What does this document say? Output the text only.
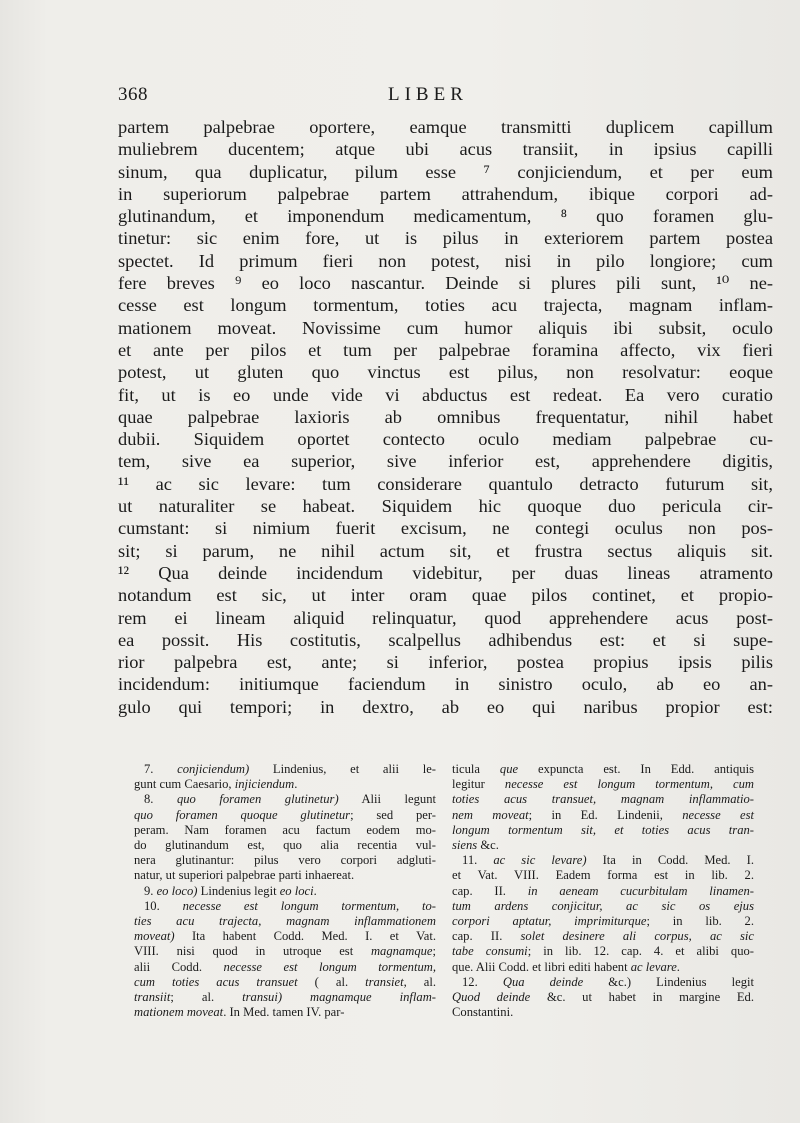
368	LIBER
partem palpebrae oportere, eamque transmitti duplicem capillum
muliebrem ducentem; atque ubi acus transiit, in ipsius capilli
sinum, qua duplicatur, pilum esse ⁷ conjiciendum, et per eum
in superiorum palpebrae partem attrahendum, ibique corpori ad-
glutinandum, et imponendum medicamentum, ⁸ quo foramen glu-
tinetur: sic enim fore, ut is pilus in exteriorem partem postea
spectet. Id primum fieri non potest, nisi in pilo longiore; cum
fere breves ⁹ eo loco nascantur. Deinde si plures pili sunt, ¹⁰ ne-
cesse est longum tormentum, toties acu trajecta, magnam inflam-
mationem moveat. Novissime cum humor aliquis ibi subsit, oculo
et ante per pilos et tum per palpebrae foramina affecto, vix fieri
potest, ut gluten quo vinctus est pilus, non resolvatur: eoque
fit, ut is eo unde vide vi abductus est redeat. Ea vero curatio
quae palpebrae laxioris ab omnibus frequentatur, nihil habet
dubii. Siquidem oportet contecto oculo mediam palpebrae cu-
tem, sive ea superior, sive inferior est, apprehendere digitis,
¹¹ ac sic levare: tum considerare quantulo detracto futurum sit,
ut naturaliter se habeat. Siquidem hic quoque duo pericula cir-
cumstant: si nimium fuerit excisum, ne contegi oculus non pos-
sit; si parum, ne nihil actum sit, et frustra sectus aliquis sit.
¹² Qua deinde incidendum videbitur, per duas lineas atramento
notandum est sic, ut inter oram quae pilos continet, et propio-
rem ei lineam aliquid relinquatur, quod apprehendere acus post-
ea possit. His costitutis, scalpellus adhibendus est: et si supe-
rior palpebra est, ante; si inferior, postea propius ipsis pilis
incidendum: initiumque faciendum in sinistro oculo, ab eo an-
gulo qui tempori; in dextro, ab eo qui naribus propior est:
7. conjiciendum) Lindenius, et alii le-
gunt cum Caesario, injiciendum.
8. quo foramen glutinetur) Alii legunt
quo foramen quoque glutinetur; sed per-
peram. Nam foramen acu factum eodem mo-
do glutinandum est, quo alia recentia vul-
nera glutinantur: pilus vero corpori adgluti-
natur, ut superiori palpebrae parti inhaereat.
9. eo loco) Lindenius legit eo loci.
10. necesse est longum tormentum, to-
ties acu trajecta, magnam inflammationem
moveat) Ita habent Codd. Med. I. et Vat.
VIII. nisi quod in utroque est magnamque;
alii Codd. necesse est longum tormentum,
cum toties acus transuet ( al. transiet, al.
transiit; al. transui) magnamque inflam-
mationem moveat. In Med. tamen IV. par-
ticula que expuncta est. In Edd. antiquis
legitur necesse est longum tormentum, cum
toties acus transuet, magnam inflammatio-
nem moveat; in Ed. Lindenii, necesse est
longum tormentum sit, et toties acus tran-
siens &c.
11. ac sic levare) Ita in Codd. Med. I.
et Vat. VIII. Eadem forma est in lib. 2.
cap. II. in aeneam cucurbitulam linamen-
tum ardens conjicitur, ac sic os ejus
corpori aptatur, imprimiturque; in lib. 2.
cap. II. solet desinere ali corpus, ac sic
tabe consumi; in lib. 12. cap. 4. et alibi quo-
que. Alii Codd. et libri editi habent ac levare.
12. Qua deinde &c.) Lindenius legit
Quod deinde &c. ut habet in margine Ed.
Constantini.
